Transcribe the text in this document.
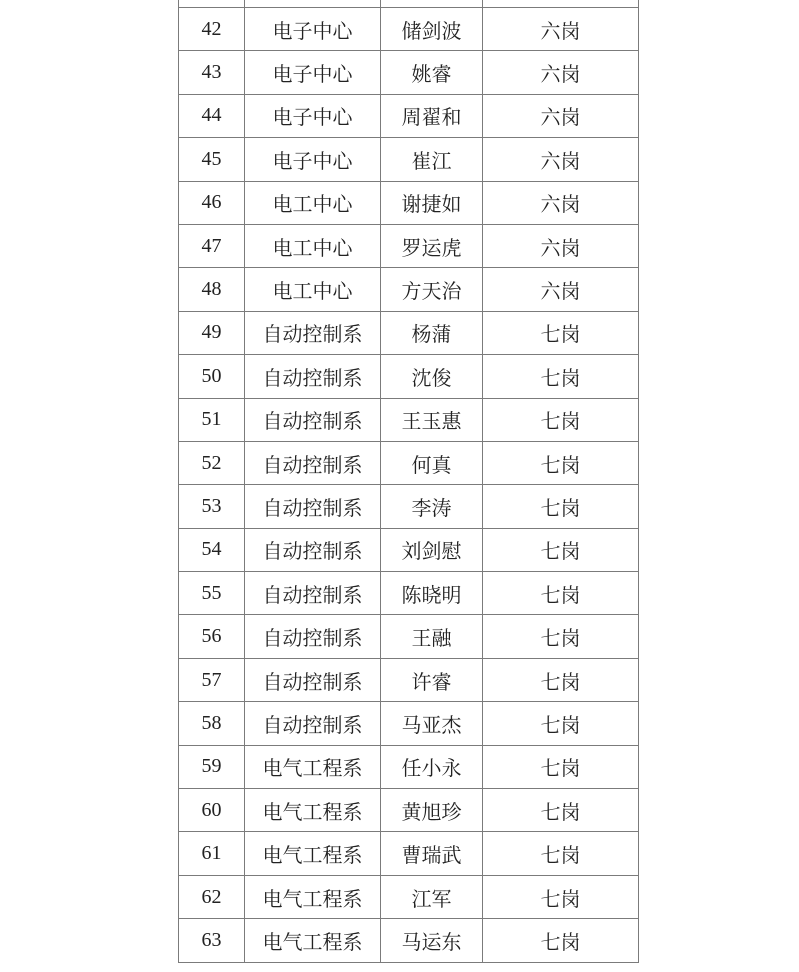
42	电子中心	储剑波	六岗
43	电子中心	姚睿	六岗
44	电子中心	周翟和	六岗
45	电子中心	崔江	六岗
46	电工中心	谢捷如	六岗
47	电工中心	罗运虎	六岗
48	电工中心	方天治	六岗
49	自动控制系	杨蒲	七岗
50	自动控制系	沈俊	七岗
51	自动控制系	王玉惠	七岗
52	自动控制系	何真	七岗
53	自动控制系	李涛	七岗
54	自动控制系	刘剑慰	七岗
55	自动控制系	陈晓明	七岗
56	自动控制系	王融	七岗
57	自动控制系	许睿	七岗
58	自动控制系	马亚杰	七岗
59	电气工程系	任小永	七岗
60	电气工程系	黄旭珍	七岗
61	电气工程系	曹瑞武	七岗
62	电气工程系	江军	七岗
63	电气工程系	马运东	七岗
